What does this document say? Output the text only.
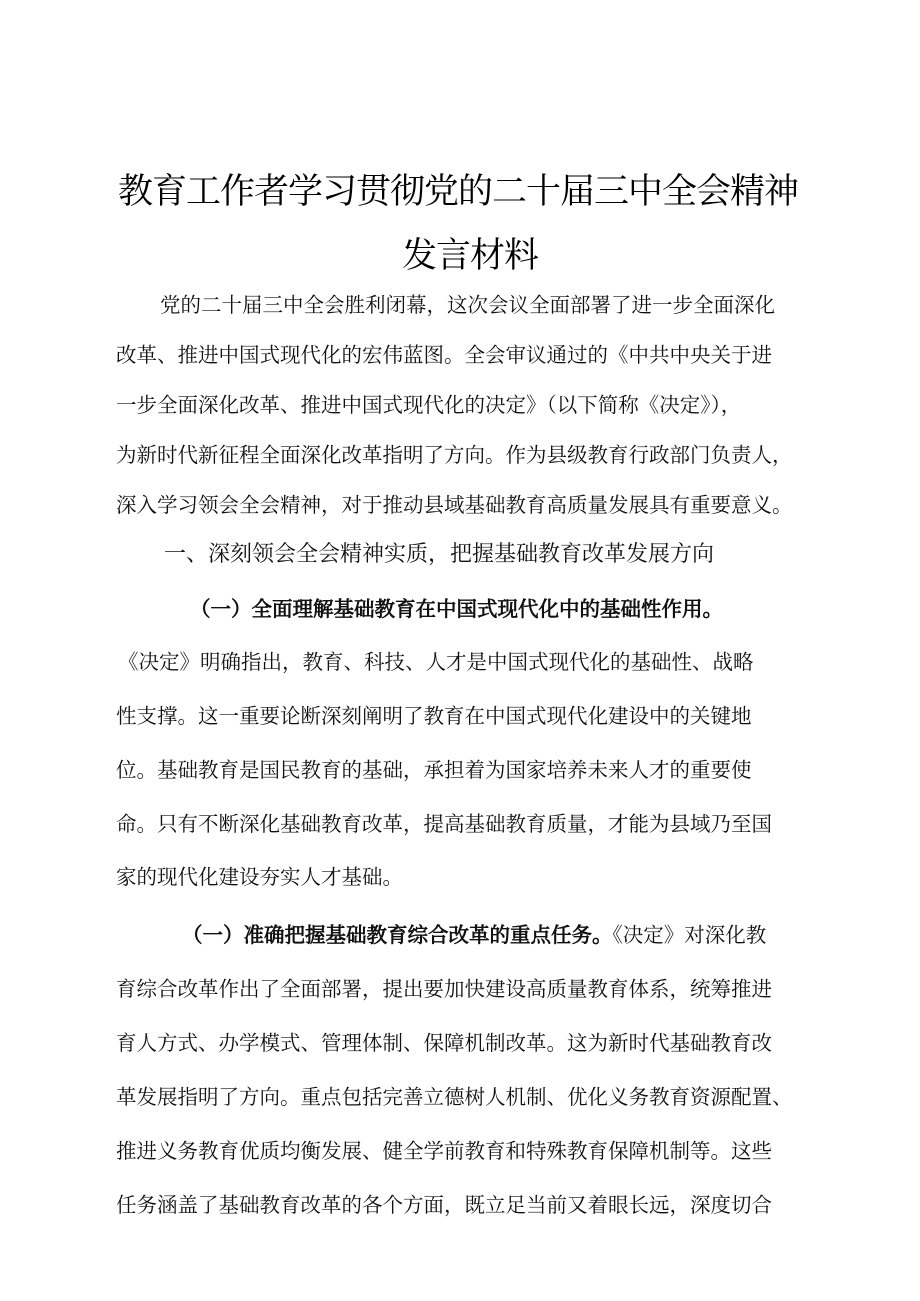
教育工作者学习贯彻党的二十届三中全会精神
发言材料
党的二十届三中全会胜利闭幕，这次会议全面部署了进一步全面深化
改革、推进中国式现代化的宏伟蓝图。全会审议通过的《中共中央关于进
一步全面深化改革、推进中国式现代化的决定》（以下简称《决定》），
为新时代新征程全面深化改革指明了方向。作为县级教育行政部门负责人，
深入学习领会全会精神，对于推动县域基础教育高质量发展具有重要意义。
一、深刻领会全会精神实质，把握基础教育改革发展方向
（一）全面理解基础教育在中国式现代化中的基础性作用。
《决定》明确指出，教育、科技、人才是中国式现代化的基础性、战略
性支撑。这一重要论断深刻阐明了教育在中国式现代化建设中的关键地
位。基础教育是国民教育的基础，承担着为国家培养未来人才的重要使
命。只有不断深化基础教育改革，提高基础教育质量，才能为县域乃至国
家的现代化建设夯实人才基础。
（一）准确把握基础教育综合改革的重点任务。《决定》对深化教
育综合改革作出了全面部署，提出要加快建设高质量教育体系，统筹推进
育人方式、办学模式、管理体制、保障机制改革。这为新时代基础教育改
革发展指明了方向。重点包括完善立德树人机制、优化义务教育资源配置、
推进义务教育优质均衡发展、健全学前教育和特殊教育保障机制等。这些
任务涵盖了基础教育改革的各个方面，既立足当前又着眼长远，深度切合
